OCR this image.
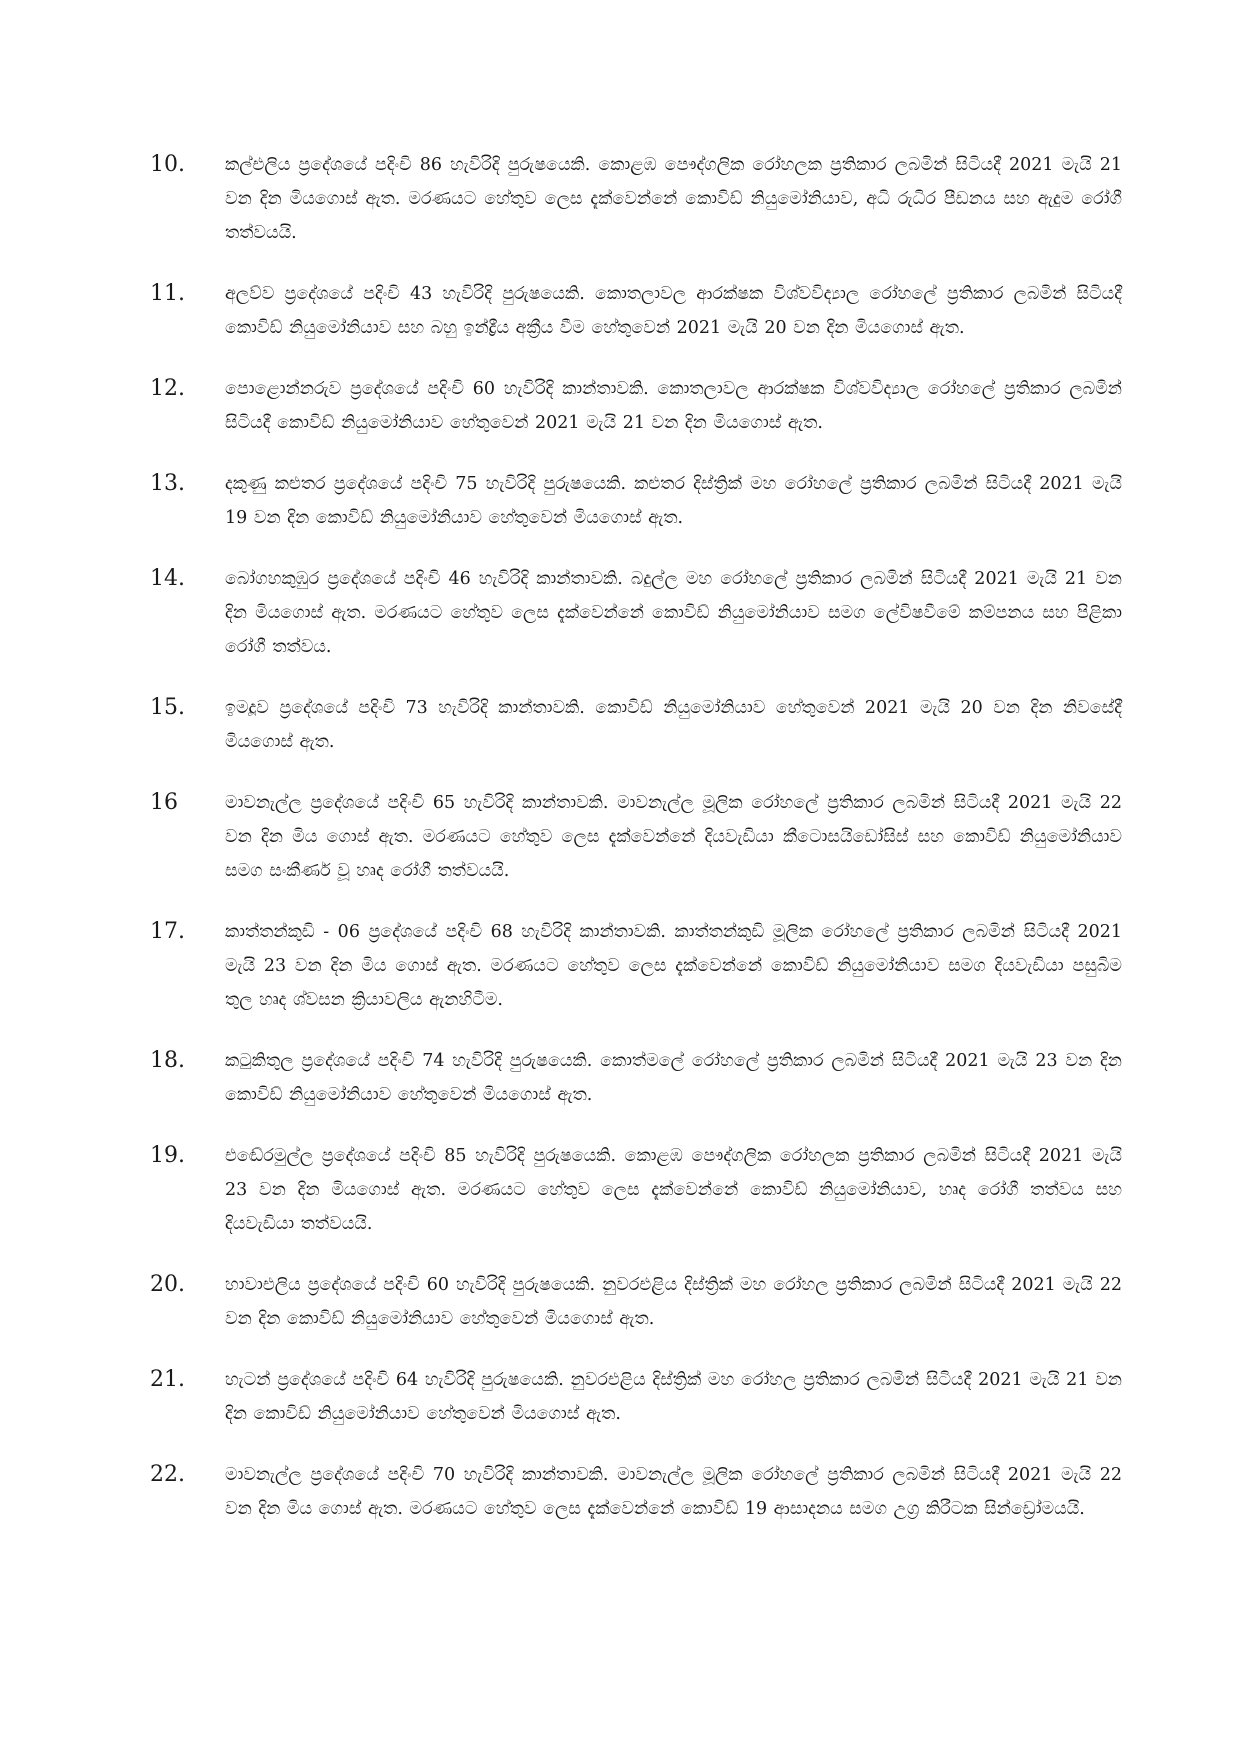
10.	කල්එලිය ප්‍රදේශයේ පදිංචි 86 හැවිරිදි පුරුෂයෙකි. කොළඹ පෞද්ගලික රෝහලක ප්‍රතිකාර ලබමින් සිටියදී 2021 මැයි 21 වන දින මියගොස් ඇත. මරණයට හේතුව ලෙස දැක්වෙන්නේ කොවිඩ් නියුමෝනියාව, අධි රුධිර පීඩනය සහ ඇදුම රෝගී තත්වයයි.
11.	අලව්ව ප්‍රදේශයේ පදිංචි 43 හැවිරිදි පුරුෂයෙකි. කොතලාවල ආරක්ෂක විශ්වවිද්‍යාල රෝහලේ ප්‍රතිකාර ලබමින් සිටියදී කොවිඩ් නියුමෝනියාව සහ බහු ඉන්ද්‍රීය අක්‍රීය වීම හේතුවෙන් 2021 මැයි 20 වන දින මියගොස් ඇත.
12.	පොළොන්නරුව ප්‍රදේශයේ පදිංචි 60 හැවිරිදි කාන්තාවකි. කොතලාවල ආරක්ෂක විශ්වවිද්‍යාල රෝහලේ ප්‍රතිකාර ලබමින් සිටියදී කොවිඩ් නියුමෝනියාව හේතුවෙන් 2021 මැයි 21 වන දින මියගොස් ඇත.
13.	දකුණු කළුතර ප්‍රදේශයේ පදිංචි 75 හැවිරිදි පුරුෂයෙකි. කළුතර දිස්ත්‍රික් මහ රෝහලේ ප්‍රතිකාර ලබමින් සිටියදී 2021 මැයි 19 වන දින කොවිඩ් නියුමෝනියාව හේතුවෙන් මියගොස් ඇත.
14.	බෝගහකුඹුර ප්‍රදේශයේ පදිංචි 46 හැවිරිදි කාන්තාවකි. බදුල්ල මහ රෝහලේ ප්‍රතිකාර ලබමින් සිටියදී 2021 මැයි 21 වන දින මියගොස් ඇත. මරණයට හේතුව ලෙස දැක්වෙන්නේ කොවිඩ් නියුමෝනියාව සමග ලේවිෂවීමේ කම්පනය සහ පිළිකා රෝගී තත්වය.
15.	ඉමදූව ප්‍රදේශයේ පදිංචි 73 හැවිරිදි කාන්තාවකි. කොවිඩ් නියුමෝනියාව හේතුවෙන් 2021 මැයි 20 වන දින නිවසේදී මියගොස් ඇත.
16	මාවනැල්ල ප්‍රදේශයේ පදිංචි 65 හැවිරිදි කාන්තාවකි. මාවනැල්ල මූලික රෝහලේ ප්‍රතිකාර ලබමින් සිටියදී 2021 මැයි 22 වන දින මිය ගොස් ඇත. මරණයට හේතුව ලෙස දැක්වෙන්නේ දියවැඩියා කීටොසයිඩෝසිස් සහ කොවිඩ් නියුමෝනියාව සමග සංකීර්ණ වූ හෘද රෝගී තත්වයයි.
17.	කාත්තන්කුඩි - 06 ප්‍රදේශයේ පදිංචි 68 හැවිරිදි කාන්තාවකි. කාත්තන්කුඩි මූලික රෝහලේ ප්‍රතිකාර ලබමින් සිටියදී 2021 මැයි 23 වන දින මිය ගොස් ඇත. මරණයට හේතුව ලෙස දැක්වෙන්නේ කොවිඩ් නියුමෝනියාව සමග දියවැඩියා පසුබිම තුල හෘද ශ්වසන ක්‍රියාවලිය ඇනහිටීම.
18.	කටුකිතුල ප්‍රදේශයේ පදිංචි 74 හැවිරිදි පුරුෂයෙකි. කොත්මලේ රෝහලේ ප්‍රතිකාර ලබමින් සිටියදී 2021 මැයි 23 වන දින කොවිඩ් නියුමෝනියාව හේතුවෙන් මියගොස් ඇත.
19.	එඬේරමුල්ල ප්‍රදේශයේ පදිංචි 85 හැවිරිදි පුරුෂයෙකි. කොළඹ පෞද්ගලික රෝහලක ප්‍රතිකාර ලබමින් සිටියදී 2021 මැයි 23 වන දින මියගොස් ඇත. මරණයට හේතුව ලෙස දැක්වෙන්නේ කොවිඩ් නියුමෝනියාව, හෘද රෝගී තත්වය සහ දියවැඩියා තත්වයයි.
20.	හාවාඑලිය ප්‍රදේශයේ පදිංචි 60 හැවිරිදි පුරුෂයෙකි. නුවරඑළිය දිස්ත්‍රික් මහ රෝහල ප්‍රතිකාර ලබමින් සිටියදී 2021 මැයි 22 වන දින කොවිඩ් නියුමෝනියාව හේතුවෙන් මියගොස් ඇත.
21.	හැටන් ප්‍රදේශයේ පදිංචි 64 හැවිරිදි පුරුෂයෙකි. නුවරඑළිය දිස්ත්‍රික් මහ රෝහල ප්‍රතිකාර ලබමින් සිටියදී 2021 මැයි 21 වන දින කොවිඩ් නියුමෝනියාව හේතුවෙන් මියගොස් ඇත.
22.	මාවනැල්ල ප්‍රදේශයේ පදිංචි 70 හැවිරිදි කාන්තාවකි. මාවනැල්ල මූලික රෝහලේ ප්‍රතිකාර ලබමින් සිටියදී 2021 මැයි 22 වන දින මිය ගොස් ඇත. මරණයට හේතුව ලෙස දැක්වෙන්නේ කොවිඩ් 19 ආසාදනය සමග උග්‍ර කිරීටක සින්ඩ්‍රෝමයයි.
